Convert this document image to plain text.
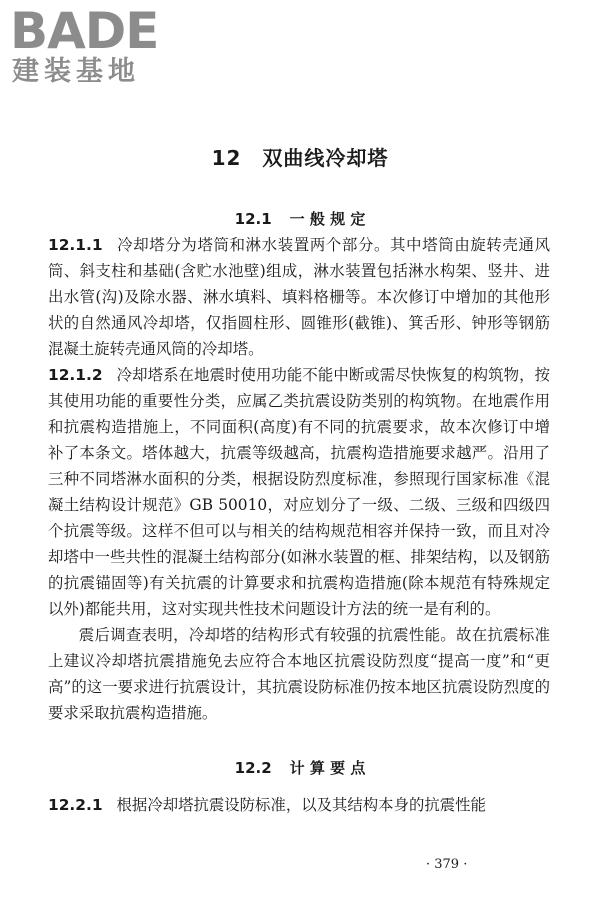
BADE
建装基地
12　双曲线冷却塔
12.1 一 般 规 定

12.1.1 冷却塔分为塔筒和淋水装置两个部分。其中塔筒由旋转壳通风筒、斜支柱和基础(含贮水池壁)组成，淋水装置包括淋水构架、竖井、进出水管(沟)及除水器、淋水填料、填料格栅等。本次修订中增加的其他形状的自然通风冷却塔，仅指圆柱形、圆锥形(截锥)、箕舌形、钟形等钢筋混凝土旋转壳通风筒的冷却塔。

12.1.2 冷却塔系在地震时使用功能不能中断或需尽快恢复的构筑物，按其使用功能的重要性分类，应属乙类抗震设防类别的构筑物。在地震作用和抗震构造措施上，不同面积(高度)有不同的抗震要求，故本次修订中增补了本条文。塔体越大，抗震等级越高，抗震构造措施要求越严。沿用了三种不同塔淋水面积的分类，根据设防烈度标准，参照现行国家标准《混凝土结构设计规范》GB 50010，对应划分了一级、二级、三级和四级四个抗震等级。这样不但可以与相关的结构规范相容并保持一致，而且对冷却塔中一些共性的混凝土结构部分(如淋水装置的框、排架结构，以及钢筋的抗震锚固等)有关抗震的计算要求和抗震构造措施(除本规范有特殊规定以外)都能共用，这对实现共性技术问题设计方法的统一是有利的。

震后调查表明，冷却塔的结构形式有较强的抗震性能。故在抗震标准上建议冷却塔抗震措施免去应符合本地区抗震设防烈度“提高一度”和“更高”的这一要求进行抗震设计，其抗震设防标准仍按本地区抗震设防烈度的要求采取抗震构造措施。

12.2 计 算 要 点

12.2.1 根据冷却塔抗震设防标准，以及其结构本身的抗震性能

· 379 ·
